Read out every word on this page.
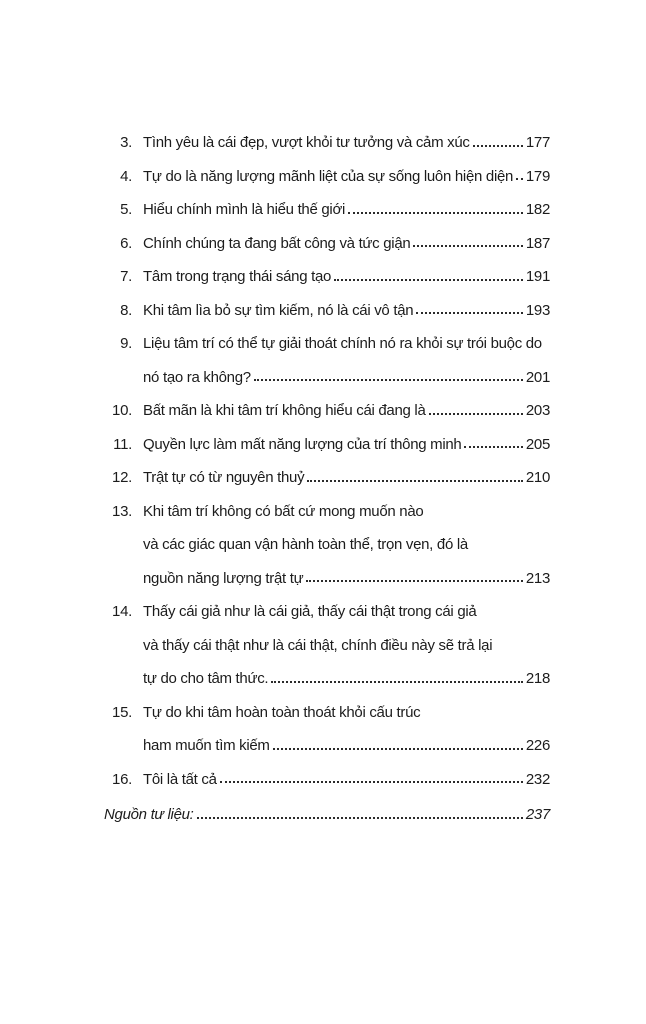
3. Tình yêu là cái đẹp, vượt khỏi tư tưởng và cảm xúc	177
4. Tự do là năng lượng mãnh liệt của sự sống luôn hiện diện 179
5. Hiểu chính mình là hiểu thế giới	182
6. Chính chúng ta đang bất công và tức giận	187
7. Tâm trong trạng thái sáng tạo	191
8. Khi tâm lìa bỏ sự tìm kiếm, nó là cái vô tận	193
9. Liệu tâm trí có thể tự giải thoát chính nó ra khỏi sự trói buộc do
nó tạo ra không?	201
10. Bất mãn là khi tâm trí không hiểu cái đang là	203
11. Quyền lực làm mất năng lượng của trí thông minh	205
12. Trật tự có từ nguyên thuỷ	210
13. Khi tâm trí không có bất cứ mong muốn nào
và các giác quan vận hành toàn thể, trọn vẹn, đó là
nguồn năng lượng trật tự	213
14. Thấy cái giả như là cái giả, thấy cái thật trong cái giả
và thấy cái thật như là cái thật, chính điều này sẽ trả lại
tự do cho tâm thức.	218
15. Tự do khi tâm hoàn toàn thoát khỏi cấu trúc
ham muốn tìm kiếm	226
16. Tôi là tất cả	232
Nguồn tư liệu:	237
